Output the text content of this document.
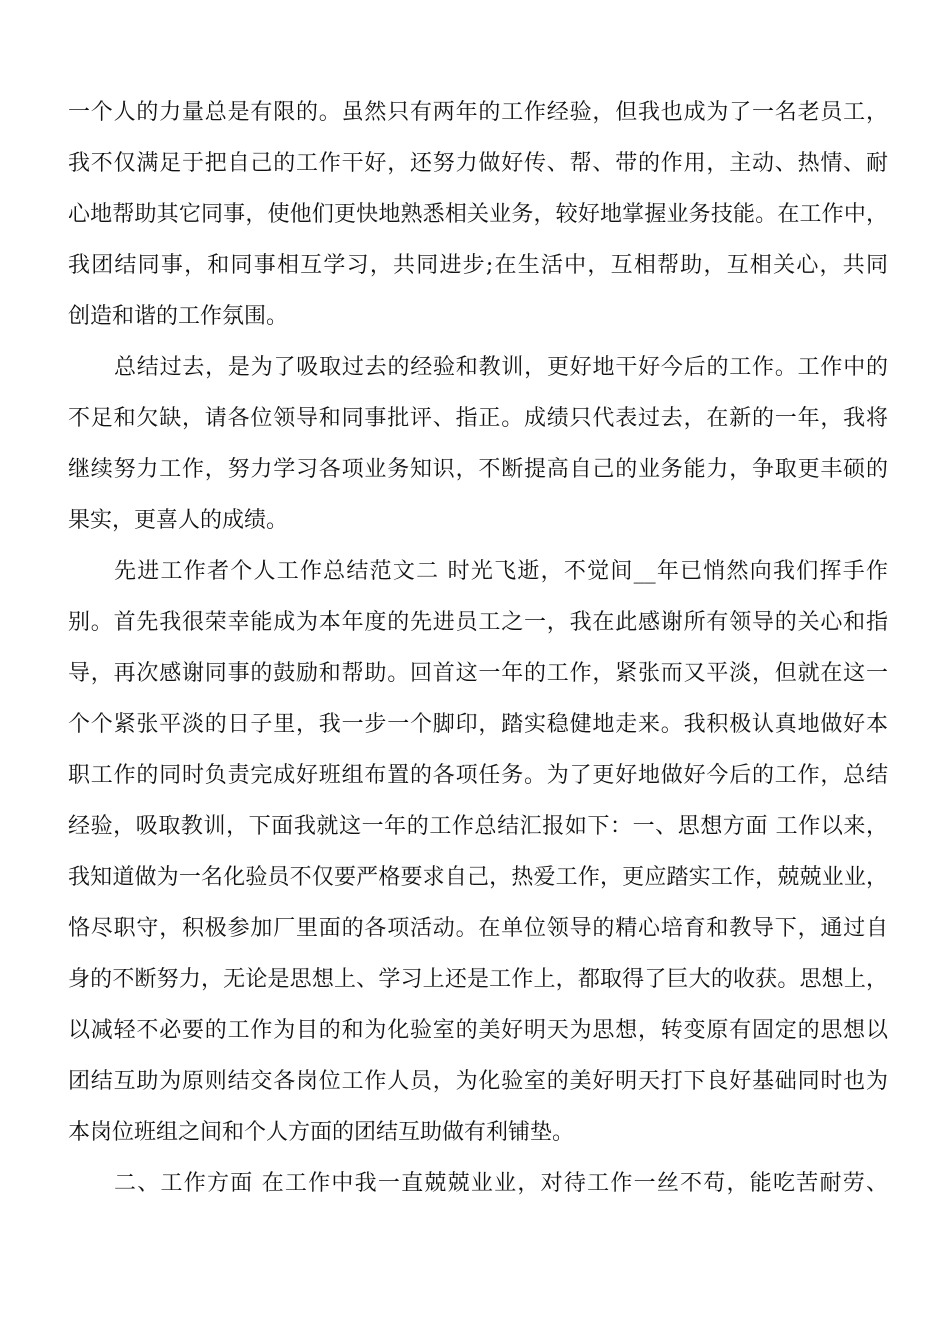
一个人的力量总是有限的。虽然只有两年的工作经验，但我也成为了一名老员工，
我不仅满足于把自己的工作干好，还努力做好传、帮、带的作用，主动、热情、耐
心地帮助其它同事，使他们更快地熟悉相关业务，较好地掌握业务技能。在工作中，
我团结同事，和同事相互学习，共同进步;在生活中，互相帮助，互相关心，共同
创造和谐的工作氛围。
总结过去，是为了吸取过去的经验和教训，更好地干好今后的工作。工作中的
不足和欠缺，请各位领导和同事批评、指正。成绩只代表过去，在新的一年，我将
继续努力工作，努力学习各项业务知识，不断提高自己的业务能力，争取更丰硕的
果实，更喜人的成绩。
先进工作者个人工作总结范文二 时光飞逝，不觉间__年已悄然向我们挥手作
别。首先我很荣幸能成为本年度的先进员工之一，我在此感谢所有领导的关心和指
导，再次感谢同事的鼓励和帮助。回首这一年的工作，紧张而又平淡，但就在这一
个个紧张平淡的日子里，我一步一个脚印，踏实稳健地走来。我积极认真地做好本
职工作的同时负责完成好班组布置的各项任务。为了更好地做好今后的工作，总结
经验，吸取教训，下面我就这一年的工作总结汇报如下：一、思想方面 工作以来，
我知道做为一名化验员不仅要严格要求自己，热爱工作，更应踏实工作，兢兢业业，
恪尽职守，积极参加厂里面的各项活动。在单位领导的精心培育和教导下，通过自
身的不断努力，无论是思想上、学习上还是工作上，都取得了巨大的收获。思想上，
以减轻不必要的工作为目的和为化验室的美好明天为思想，转变原有固定的思想以
团结互助为原则结交各岗位工作人员，为化验室的美好明天打下良好基础同时也为
本岗位班组之间和个人方面的团结互助做有利铺垫。
二、工作方面 在工作中我一直兢兢业业，对待工作一丝不苟，能吃苦耐劳、
